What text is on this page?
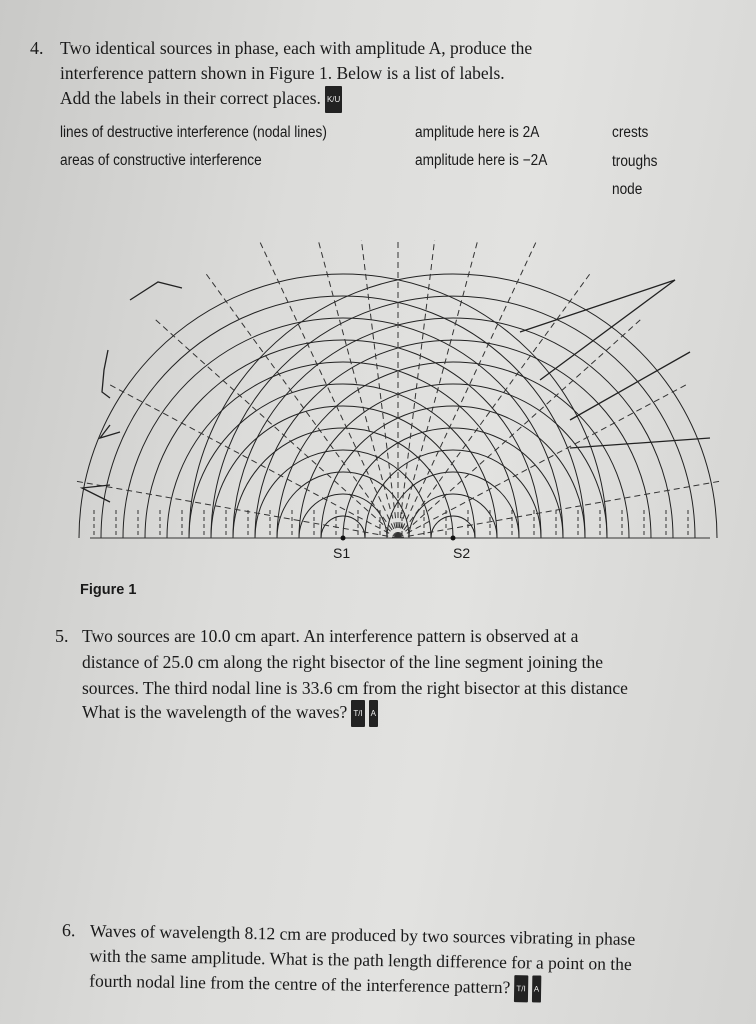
4. Two identical sources in phase, each with amplitude A, produce the
interference pattern shown in Figure 1. Below is a list of labels.
Add the labels in their correct places. K/U
lines of destructive interference (nodal lines)
areas of constructive interference
amplitude here is 2A
amplitude here is −2A
crests
troughs
node
S1	S2
Figure 1
5. Two sources are 10.0 cm apart. An interference pattern is observed at a
distance of 25.0 cm along the right bisector of the line segment joining the
sources. The third nodal line is 33.6 cm from the right bisector at this distance
What is the wavelength of the waves? T/I A
6. Waves of wavelength 8.12 cm are produced by two sources vibrating in phase
with the same amplitude. What is the path length difference for a point on the
fourth nodal line from the centre of the interference pattern? T/I A
